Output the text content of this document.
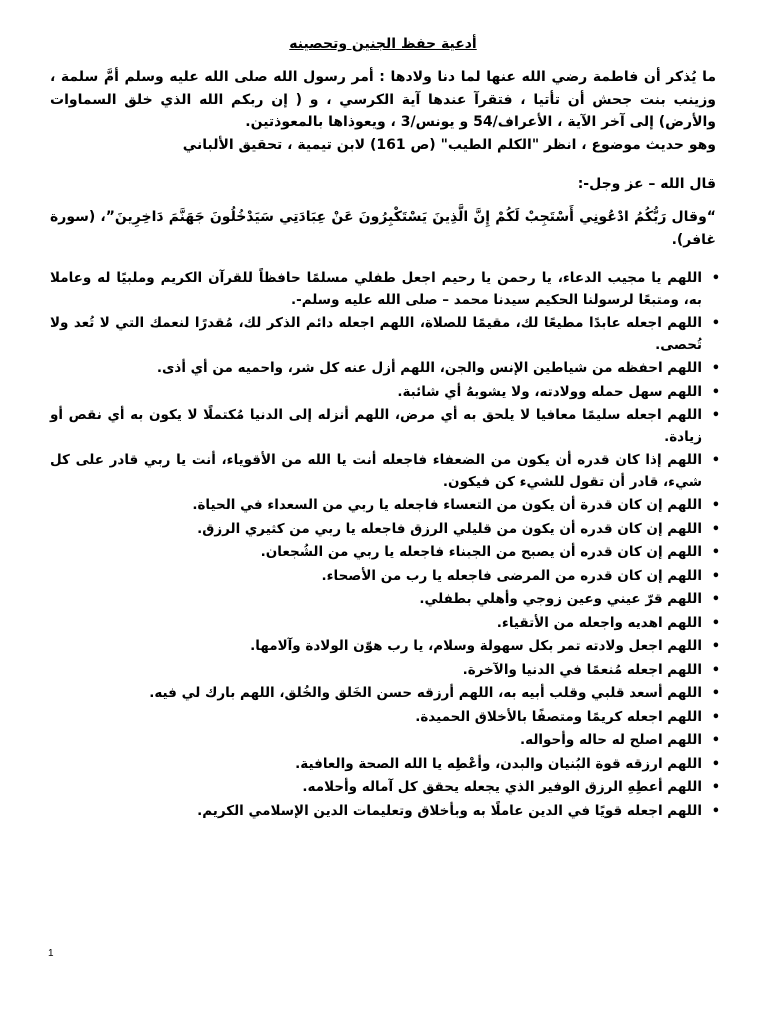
أدعية حفظ الجنين وتحصينه

ما يُذكر أن فاطمة رضي الله عنها لما دنا ولادها : أمر رسول الله صلى الله عليه وسلم أمَّ سلمة ، وزينب بنت جحش أن تأتيا ، فتقرآ عندها آية الكرسي ، و ( إن ربكم الله الذي خلق السماوات والأرض) إلى آخر الآية ، الأعراف/54 و يونس/3 ، ويعوذاها بالمعوذتين.

وهو حديث موضوع ، انظر "الكلم الطيب" (ص 161) لابن تيمية ، تحقيق الألباني

قال الله – عز وجل-:
“وقال رَبُّكُمُ ادْعُونِي أَسْتَجِبْ لَكُمْ إِنَّ الَّذِينَ يَسْتَكْبِرُونَ عَنْ عِبَادَتِي سَيَدْخُلُونَ جَهَنَّمَ دَاخِرِينَ”، (سورة غافر).
•
اللهم يا مجيب الدعاء، يا رحمن يا رحيم اجعل طفلي مسلمًا حافظاً للقرآن الكريم وملبيًا له وعاملا به، ومتبعًا لرسولنا الحكيم سيدنا محمد – صلى الله عليه وسلم-.
•
اللهم اجعله عابدًا مطيعًا لك، مقيمًا للصلاة، اللهم اجعله دائم الذكر لك، مُقدرًا لنعمك التي لا تُعد ولا تُحصى.
•
اللهم احفظه من شياطين الإنس والجن، اللهم أزل عنه كل شر، واحميه من أي أذى.
•
اللهم سهل حمله وولادته، ولا يشوبهُ أي شائبة.
•
اللهم اجعله سليمًا معافيا لا يلحق به أي مرض، اللهم أنزله إلى الدنيا مُكتملًا لا يكون به أي نقص أو زيادة.
•
اللهم إذا كان قدره أن يكون من الضعفاء فاجعله أنت يا الله من الأقوياء، أنت يا ربي قادر على كل شيء، قادر أن تقول للشيء كن فيكون.
•
اللهم إن كان قدرة أن يكون من التعساء فاجعله يا ربي من السعداء في الحياة.
•
اللهم إن كان قدره أن يكون من قليلي الرزق فاجعله يا ربي من كثيري الرزق.
•
اللهم إن كان قدره أن يصبح من الجبناء فاجعله يا ربي من الشُجعان.
•
اللهم إن كان قدره من المرضى فاجعله يا رب من الأصحاء.
•
اللهم قرّ عيني وعين زوجي وأهلي بطفلي.
•
اللهم اهديه واجعله من الأتقياء.
•
اللهم اجعل ولادته تمر بكل سهولة وسلام، يا رب هوّن الولادة وآلامها.
•
اللهم اجعله مُنعمًا في الدنيا والآخرة.
•
اللهم أسعد قلبي وقلب أبيه به، اللهم أرزقه حسن الخَلق والخُلق، اللهم بارك لي فيه.
•
اللهم اجعله كريمًا ومتصفًا بالأخلاق الحميدة.
•
اللهم اصلح له حاله وأحواله.
•
اللهم ارزقه قوة البُنيان والبدن، وأعْطِه يا الله الصحة والعافية.
•
اللهم أعطِهِ الرزق الوفير الذي يجعله يحقق كل آماله وأحلامه.
•
اللهم اجعله قويًا في الدين عاملًا به وبأخلاق وتعليمات الدين الإسلامي الكريم.
1
